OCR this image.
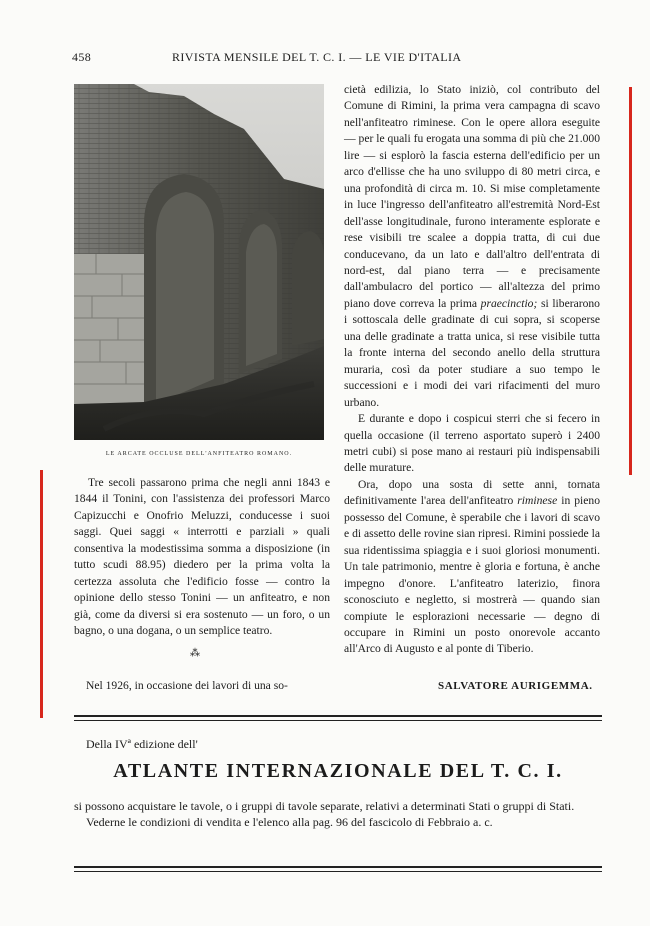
458	RIVISTA MENSILE DEL T. C. I. — LE VIE D'ITALIA
LE ARCATE OCCLUSE DELL'ANFITEATRO ROMANO.

Tre secoli passarono prima che negli anni 1843 e 1844 il Tonini, con l'assistenza dei professori Marco Capizucchi e Onofrio Meluzzi, conducesse i suoi saggi. Quei saggi « interrotti e parziali » quali consentiva la modestissima somma a disposizione (in tutto scudi 88.95) diedero per la prima volta la certezza assoluta che l'edificio fosse — contro la opinione dello stesso Tonini — un anfiteatro, e non già, come da diversi si era sostenuto — un foro, o un bagno, o una dogana, o un semplice teatro.

⁂
Nel 1926, in occasione dei lavori di una so-

cietà edilizia, lo Stato iniziò, col contributo del Comune di Rimini, la prima vera campagna di scavo nell'anfiteatro riminese. Con le opere allora eseguite — per le quali fu erogata una somma di più che 21.000 lire — si esplorò la fascia esterna dell'edificio per un arco d'ellisse che ha uno sviluppo di 80 metri circa, e una profondità di circa m. 10. Si mise completamente in luce l'ingresso dell'anfiteatro all'estremità Nord-Est dell'asse longitudinale, furono interamente esplorate e rese visibili tre scalee a doppia tratta, di cui due conducevano, da un lato e dall'altro dell'entrata di nord-est, dal piano terra — e precisamente dall'ambulacro del portico — all'altezza del primo piano dove correva la prima praecinctio; si liberarono i sottoscala delle gradinate di cui sopra, si scoperse una delle gradinate a tratta unica, si rese visibile tutta la fronte interna del secondo anello della struttura muraria, così da poter studiare a suo tempo le successioni e i modi dei vari rifacimenti del muro urbano.

E durante e dopo i cospicui sterri che si fecero in quella occasione (il terreno asportato superò i 2400 metri cubi) si pose mano ai restauri più indispensabili delle murature.

Ora, dopo una sosta di sette anni, tornata definitivamente l'area dell'anfiteatro riminese in pieno possesso del Comune, è sperabile che i lavori di scavo e di assetto delle rovine sian ripresi. Rimini possiede la sua ridentissima spiaggia e i suoi gloriosi monumenti. Un tale patrimonio, mentre è gloria e fortuna, è anche impegno d'onore. L'anfiteatro laterizio, finora sconosciuto e negletto, si mostrerà — quando sian compiute le esplorazioni necessarie — degno di occupare in Rimini un posto onorevole accanto all'Arco di Augusto e al ponte di Tiberio.

SALVATORE AURIGEMMA.
Della IVª edizione dell'
ATLANTE INTERNAZIONALE DEL T. C. I.

si possono acquistare le tavole, o i gruppi di tavole separate, relativi a determinati Stati o gruppi di Stati.

Vederne le condizioni di vendita e l'elenco alla pag. 96 del fascicolo di Febbraio a. c.
